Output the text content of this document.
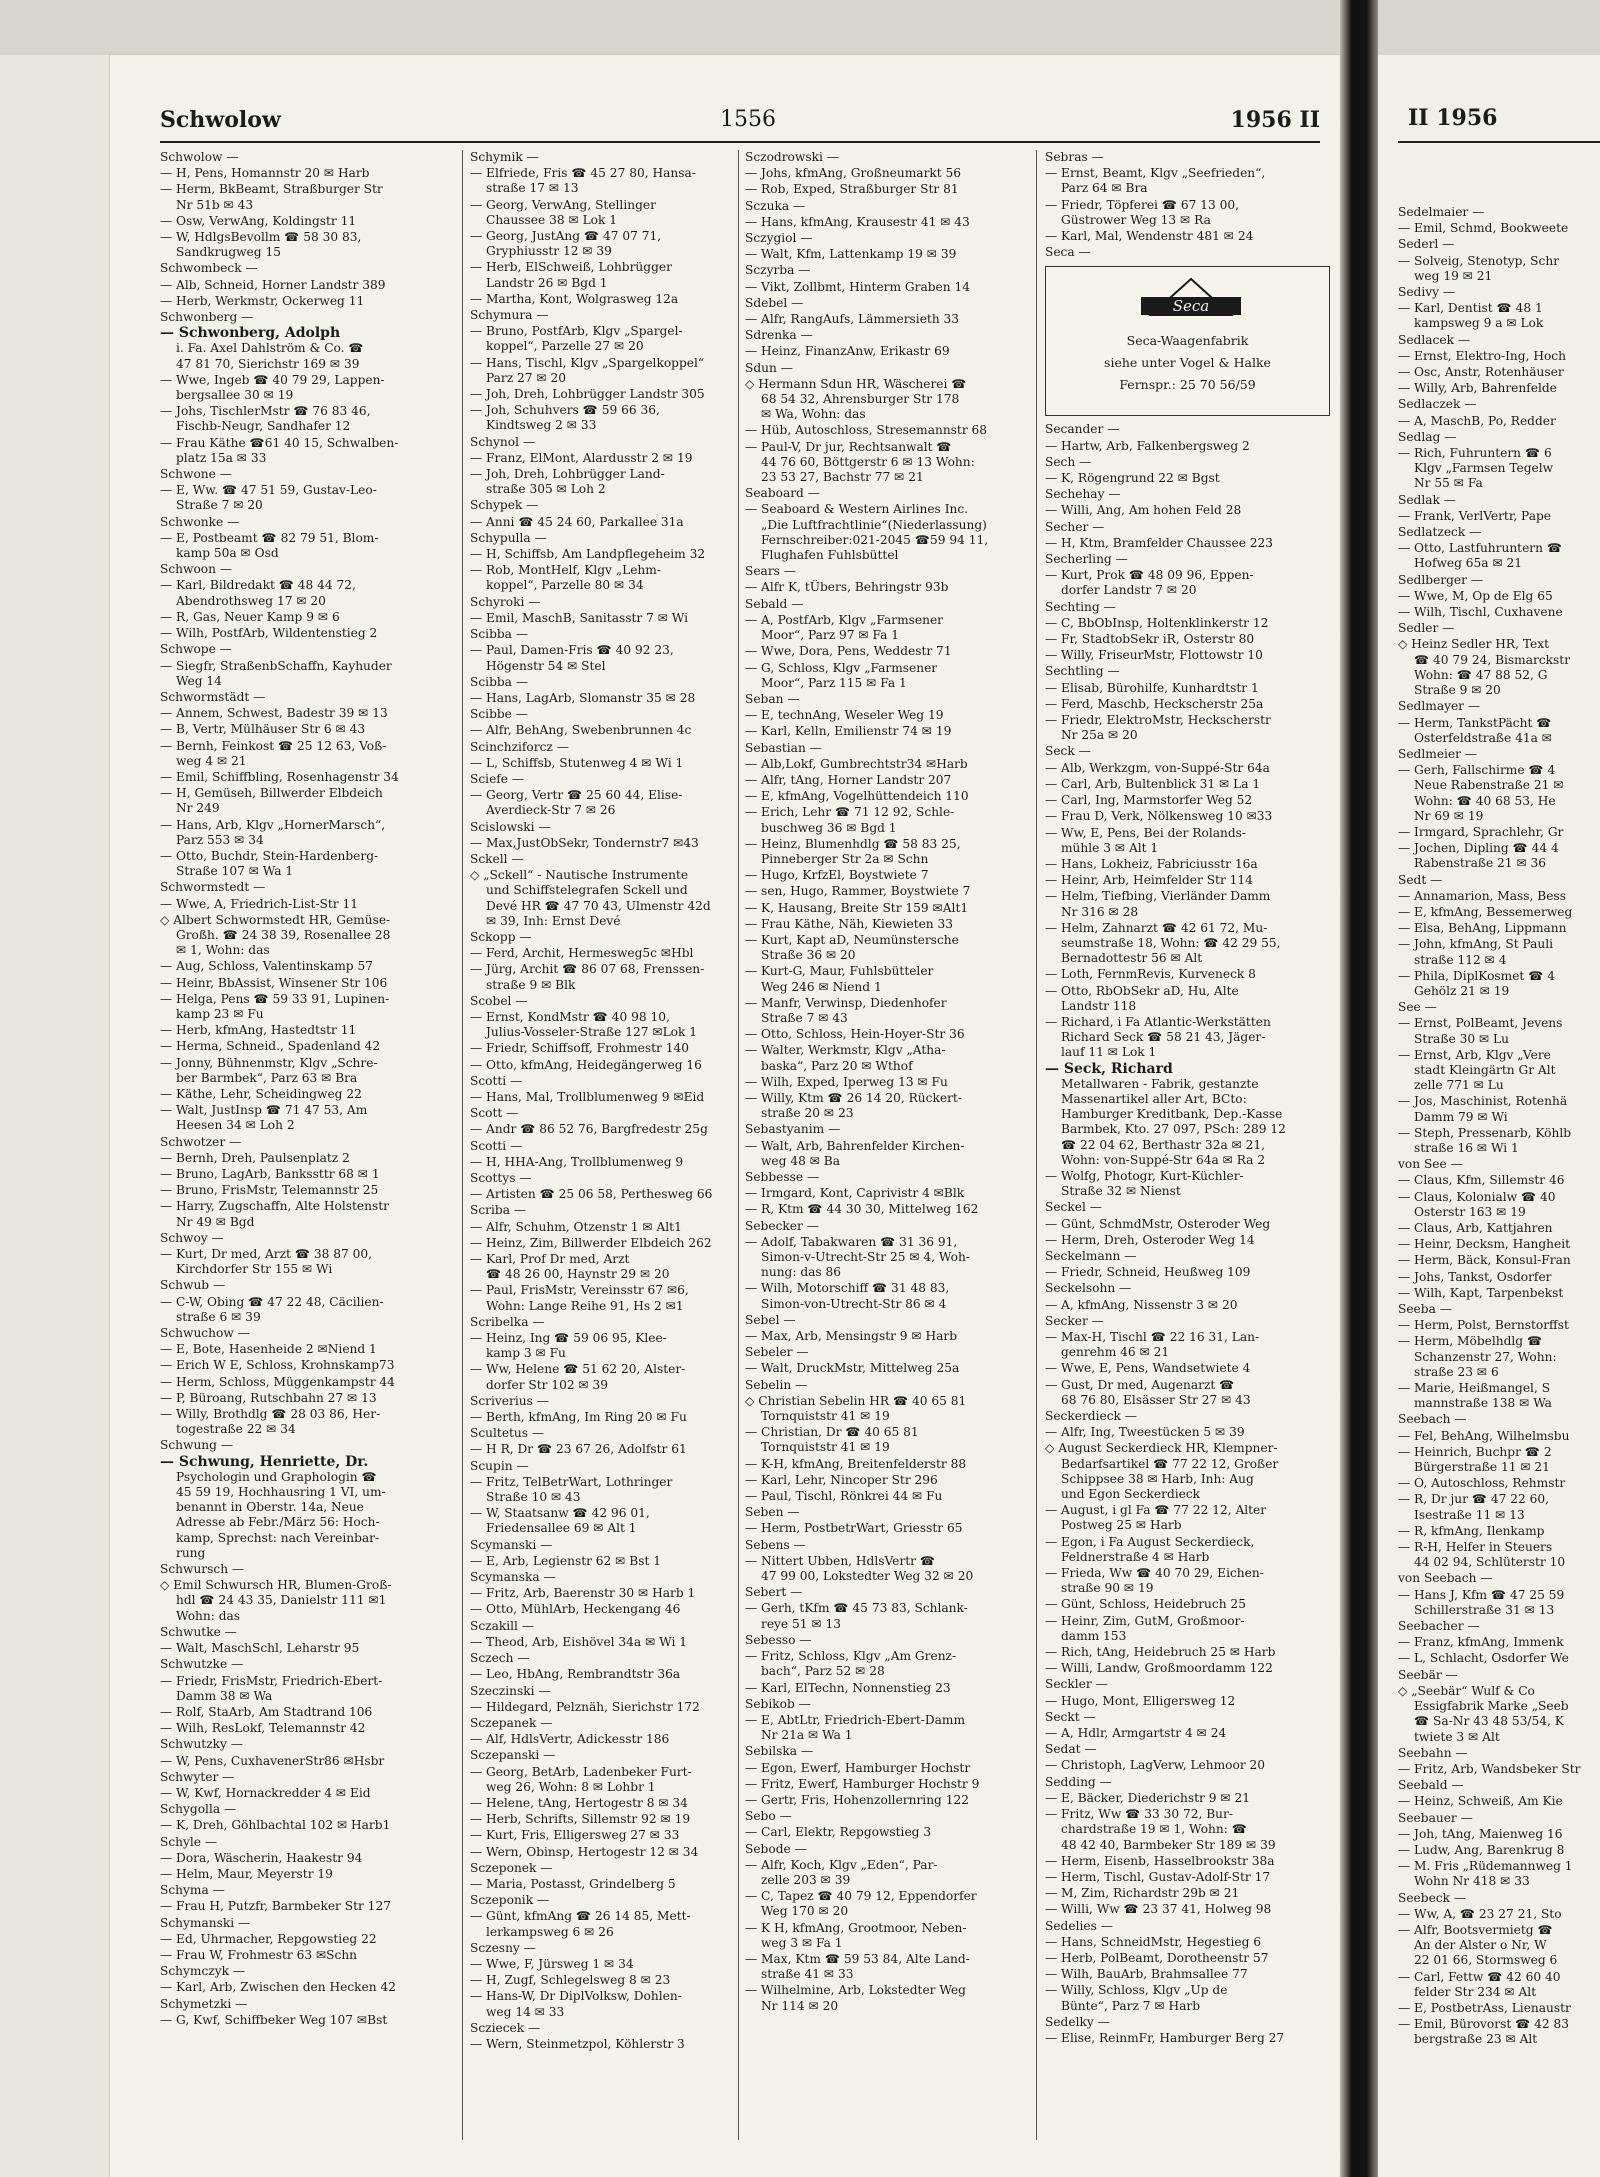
II 1956
Sedelmaier —
— Emil, Schmd, Bookweete
Sederl —
— Solveig, Stenotyp, Schr
weg 19 ✉ 21
Sedivy —
— Karl, Dentist ☎ 48 1
kampsweg 9 a ✉ Lok
Sedlacek —
— Ernst, Elektro-Ing, Hoch
— Osc, Anstr, Rotenhäuser
— Willy, Arb, Bahrenfelde
Sedlaczek —
— A, MaschB, Po, Redder
Sedlag —
— Rich, Fuhruntern ☎ 6
Klgv „Farmsen Tegelw
Nr 55 ✉ Fa
Sedlak —
— Frank, VerlVertr, Pape
Sedlatzeck —
— Otto, Lastfuhruntern ☎
Hofweg 65a ✉ 21
Sedlberger —
— Wwe, M, Op de Elg 65
— Wilh, Tischl, Cuxhavene
Sedler —
◇ Heinz Sedler HR, Text
☎ 40 79 24, Bismarckstr
Wohn: ☎ 47 88 52, G
Straße 9 ✉ 20
Sedlmayer —
— Herm, TankstPächt ☎
Osterfeldstraße 41a ✉
Sedlmeier —
— Gerh, Fallschirme ☎ 4
Neue Rabenstraße 21 ✉
Wohn: ☎ 40 68 53, He
Nr 69 ✉ 19
— Irmgard, Sprachlehr, Gr
— Jochen, Dipling ☎ 44 4
Rabenstraße 21 ✉ 36
Sedt —
— Annamarion, Mass, Bess
— E, kfmAng, Bessemerweg
— Elsa, BehAng, Lippmann
— John, kfmAng, St Pauli
straße 112 ✉ 4
— Phila, DiplKosmet ☎ 4
Gehölz 21 ✉ 19
See —
— Ernst, PolBeamt, Jevens
Straße 30 ✉ Lu
— Ernst, Arb, Klgv „Vere
stadt Kleingärtn Gr Alt
zelle 771 ✉ Lu
— Jos, Maschinist, Rotenhä
Damm 79 ✉ Wi
— Steph, Pressenarb, Köhlb
straße 16 ✉ Wi 1
von See —
— Claus, Kfm, Sillemstr 46
— Claus, Kolonialw ☎ 40
Osterstr 163 ✉ 19
— Claus, Arb, Kattjahren
— Heinr, Decksm, Hangheit
— Herm, Bäck, Konsul-Fran
— Johs, Tankst, Osdorfer
— Wilh, Kapt, Tarpenbekst
Seeba —
— Herm, Polst, Bernstorffst
— Herm, Möbelhdlg ☎
Schanzenstr 27, Wohn:
straße 23 ✉ 6
— Marie, Heißmangel, S
mannstraße 138 ✉ Wa
Seebach —
— Fel, BehAng, Wilhelmsbu
— Heinrich, Buchpr ☎ 2
Bürgerstraße 11 ✉ 21
— O, Autoschloss, Rehmstr
— R, Dr jur ☎ 47 22 60,
Isestraße 11 ✉ 13
— R, kfmAng, Ilenkamp
— R-H, Helfer in Steuers
44 02 94, Schlüterstr 10
von Seebach —
— Hans J, Kfm ☎ 47 25 59
Schillerstraße 31 ✉ 13
Seebacher —
— Franz, kfmAng, Immenk
— L, Schlacht, Osdorfer We
Seebär —
◇ „Seebär“ Wulf & Co
Essigfabrik Marke „Seeb
☎ Sa-Nr 43 48 53/54, K
twiete 3 ✉ Alt
Seebahn —
— Fritz, Arb, Wandsbeker Str
Seebald —
— Heinz, Schweiß, Am Kie
Seebauer —
— Joh, tAng, Maienweg 16
— Ludw, Ang, Barenkrug 8
— M. Fris „Rüdemannweg 1
Wohn Nr 418 ✉ 33
Seebeck —
— Ww, A, ☎ 23 27 21, Sto
— Alfr, Bootsvermietg ☎
An der Alster o Nr, W
22 01 66, Stormsweg 6
— Carl, Fettw ☎ 42 60 40
felder Str 234 ✉ Alt
— E, PostbetrAss, Lienaustr
— Emil, Bürovorst ☎ 42 83
bergstraße 23 ✉ Alt
Schwolow	1556	1956 II
Schwolow —
— H, Pens, Homannstr 20 ✉ Harb
— Herm, BkBeamt, Straßburger Str
Nr 51b ✉ 43
— Osw, VerwAng, Koldingstr 11
— W, HdlgsBevollm ☎ 58 30 83,
Sandkrugweg 15
Schwombeck —
— Alb, Schneid, Horner Landstr 389
— Herb, Werkmstr, Ockerweg 11
Schwonberg —
— Schwonberg, Adolph
i. Fa. Axel Dahlström & Co. ☎
47 81 70, Sierichstr 169 ✉ 39
— Wwe, Ingeb ☎ 40 79 29, Lappen-
bergsallee 30 ✉ 19
— Johs, TischlerMstr ☎ 76 83 46,
Fischb-Neugr, Sandhafer 12
— Frau Käthe ☎61 40 15, Schwalben-
platz 15a ✉ 33
Schwone —
— E, Ww. ☎ 47 51 59, Gustav-Leo-
Straße 7 ✉ 20
Schwonke —
— E, Postbeamt ☎ 82 79 51, Blom-
kamp 50a ✉ Osd
Schwoon —
— Karl, Bildredakt ☎ 48 44 72,
Abendrothsweg 17 ✉ 20
— R, Gas, Neuer Kamp 9 ✉ 6
— Wilh, PostfArb, Wildentenstieg 2
Schwope —
— Siegfr, StraßenbSchaffn, Kayhuder
Weg 14
Schwormstädt —
— Annem, Schwest, Badestr 39 ✉ 13
— B, Vertr, Mülhäuser Str 6 ✉ 43
— Bernh, Feinkost ☎ 25 12 63, Voß-
weg 4 ✉ 21
— Emil, Schiffbling, Rosenhagenstr 34
— H, Gemüseh, Billwerder Elbdeich
Nr 249
— Hans, Arb, Klgv „HornerMarsch“,
Parz 553 ✉ 34
— Otto, Buchdr, Stein-Hardenberg-
Straße 107 ✉ Wa 1
Schwormstedt —
— Wwe, A, Friedrich-List-Str 11
◇ Albert Schwormstedt HR, Gemüse-
Großh. ☎ 24 38 39, Rosenallee 28
✉ 1, Wohn: das
— Aug, Schloss, Valentinskamp 57
— Heinr, BbAssist, Winsener Str 106
— Helga, Pens ☎ 59 33 91, Lupinen-
kamp 23 ✉ Fu
— Herb, kfmAng, Hastedtstr 11
— Herma, Schneid., Spadenland 42
— Jonny, Bühnenmstr, Klgv „Schre-
ber Barmbek“, Parz 63 ✉ Bra
— Käthe, Lehr, Scheidingweg 22
— Walt, JustInsp ☎ 71 47 53, Am
Heesen 34 ✉ Loh 2
Schwotzer —
— Bernh, Dreh, Paulsenplatz 2
— Bruno, LagArb, Bankssttr 68 ✉ 1
— Bruno, FrisMstr, Telemannstr 25
— Harry, Zugschaffn, Alte Holstenstr
Nr 49 ✉ Bgd
Schwoy —
— Kurt, Dr med, Arzt ☎ 38 87 00,
Kirchdorfer Str 155 ✉ Wi
Schwub —
— C-W, Obing ☎ 47 22 48, Cäcilien-
straße 6 ✉ 39
Schwuchow —
— E, Bote, Hasenheide 2 ✉Niend 1
— Erich W E, Schloss, Krohnskamp73
— Herm, Schloss, Müggenkampstr 44
— P, Büroang, Rutschbahn 27 ✉ 13
— Willy, Brothdlg ☎ 28 03 86, Her-
togestraße 22 ✉ 34
Schwung —
— Schwung, Henriette, Dr.
Psychologin und Graphologin ☎
45 59 19, Hochhausring 1 VI, um-
benannt in Oberstr. 14a, Neue
Adresse ab Febr./März 56: Hoch-
kamp, Sprechst: nach Vereinbar-
rung
Schwursch —
◇ Emil Schwursch HR, Blumen-Groß-
hdl ☎ 24 43 35, Danielstr 111 ✉1
Wohn: das
Schwutke —
— Walt, MaschSchl, Leharstr 95
Schwutzke —
— Friedr, FrisMstr, Friedrich-Ebert-
Damm 38 ✉ Wa
— Rolf, StaArb, Am Stadtrand 106
— Wilh, ResLokf, Telemannstr 42
Schwutzky —
— W, Pens, CuxhavenerStr86 ✉Hsbr
Schwyter —
— W, Kwf, Hornackredder 4 ✉ Eid
Schygolla —
— K, Dreh, Göhlbachtal 102 ✉ Harb1
Schyle —
— Dora, Wäscherin, Haakestr 94
— Helm, Maur, Meyerstr 19
Schyma —
— Frau H, Putzfr, Barmbeker Str 127
Schymanski —
— Ed, Uhrmacher, Repgowstieg 22
— Frau W, Frohmestr 63 ✉Schn
Schymczyk —
— Karl, Arb, Zwischen den Hecken 42
Schymetzki —
— G, Kwf, Schiffbeker Weg 107 ✉Bst
Schymik —
— Elfriede, Fris ☎ 45 27 80, Hansa-
straße 17 ✉ 13
— Georg, VerwAng, Stellinger
Chaussee 38 ✉ Lok 1
— Georg, JustAng ☎ 47 07 71,
Gryphiusstr 12 ✉ 39
— Herb, ElSchweiß, Lohbrügger
Landstr 26 ✉ Bgd 1
— Martha, Kont, Wolgrasweg 12a
Schymura —
— Bruno, PostfArb, Klgv „Spargel-
koppel“, Parzelle 27 ✉ 20
— Hans, Tischl, Klgv „Spargelkoppel“
Parz 27 ✉ 20
— Joh, Dreh, Lohbrügger Landstr 305
— Joh, Schuhvers ☎ 59 66 36,
Kindtsweg 2 ✉ 33
Schynol —
— Franz, ElMont, Alardusstr 2 ✉ 19
— Joh, Dreh, Lohbrügger Land-
straße 305 ✉ Loh 2
Schypek —
— Anni ☎ 45 24 60, Parkallee 31a
Schypulla —
— H, Schiffsb, Am Landpflegeheim 32
— Rob, MontHelf, Klgv „Lehm-
koppel“, Parzelle 80 ✉ 34
Schyroki —
— Emil, MaschB, Sanitasstr 7 ✉ Wi
Scibba —
— Paul, Damen-Fris ☎ 40 92 23,
Högenstr 54 ✉ Stel
Scibba —
— Hans, LagArb, Slomanstr 35 ✉ 28
Scibbe —
— Alfr, BehAng, Swebenbrunnen 4c
Scinchziforcz —
— L, Schiffsb, Stutenweg 4 ✉ Wi 1
Sciefe —
— Georg, Vertr ☎ 25 60 44, Elise-
Averdieck-Str 7 ✉ 26
Scislowski —
— Max,JustObSekr, Tondernstr7 ✉43
Sckell —
◇ „Sckell“ - Nautische Instrumente
und Schiffstelegrafen Sckell und
Devé HR ☎ 47 70 43, Ulmenstr 42d
✉ 39, Inh: Ernst Devé
Sckopp —
— Ferd, Archit, Hermesweg5c ✉Hbl
— Jürg, Archit ☎ 86 07 68, Frenssen-
straße 9 ✉ Blk
Scobel —
— Ernst, KondMstr ☎ 40 98 10,
Julius-Vosseler-Straße 127 ✉Lok 1
— Friedr, Schiffsoff, Frohmestr 140
— Otto, kfmAng, Heidegängerweg 16
Scotti —
— Hans, Mal, Trollblumenweg 9 ✉Eid
Scott —
— Andr ☎ 86 52 76, Bargfredestr 25g
Scotti —
— H, HHA-Ang, Trollblumenweg 9
Scottys —
— Artisten ☎ 25 06 58, Perthesweg 66
Scriba —
— Alfr, Schuhm, Otzenstr 1 ✉ Alt1
— Heinz, Zim, Billwerder Elbdeich 262
— Karl, Prof Dr med, Arzt
☎ 48 26 00, Haynstr 29 ✉ 20
— Paul, FrisMstr, Vereinsstr 67 ✉6,
Wohn: Lange Reihe 91, Hs 2 ✉1
Scribelka —
— Heinz, Ing ☎ 59 06 95, Klee-
kamp 3 ✉ Fu
— Ww, Helene ☎ 51 62 20, Alster-
dorfer Str 102 ✉ 39
Scriverius —
— Berth, kfmAng, Im Ring 20 ✉ Fu
Scultetus —
— H R, Dr ☎ 23 67 26, Adolfstr 61
Scupin —
— Fritz, TelBetrWart, Lothringer
Straße 10 ✉ 43
— W, Staatsanw ☎ 42 96 01,
Friedensallee 69 ✉ Alt 1
Scymanski —
— E, Arb, Legienstr 62 ✉ Bst 1
Scymanska —
— Fritz, Arb, Baerenstr 30 ✉ Harb 1
— Otto, MühlArb, Heckengang 46
Sczakill —
— Theod, Arb, Eishövel 34a ✉ Wi 1
Sczech —
— Leo, HbAng, Rembrandtstr 36a
Szeczinski —
— Hildegard, Pelznäh, Sierichstr 172
Sczepanek —
— Alf, HdlsVertr, Adickesstr 186
Sczepanski —
— Georg, BetArb, Ladenbeker Furt-
weg 26, Wohn: 8 ✉ Lohbr 1
— Helene, tAng, Hertogestr 8 ✉ 34
— Herb, Schrifts, Sillemstr 92 ✉ 19
— Kurt, Fris, Elligersweg 27 ✉ 33
— Wern, Obinsp, Hertogestr 12 ✉ 34
Sczeponek —
— Maria, Postasst, Grindelberg 5
Sczeponik —
— Günt, kfmAng ☎ 26 14 85, Mett-
lerkampsweg 6 ✉ 26
Sczesny —
— Wwe, F, Jürsweg 1 ✉ 34
— H, Zugf, Schlegelsweg 8 ✉ 23
— Hans-W, Dr DiplVolksw, Dohlen-
weg 14 ✉ 33
Scziecek —
— Wern, Steinmetzpol, Köhlerstr 3
Sczodrowski —
— Johs, kfmAng, Großneumarkt 56
— Rob, Exped, Straßburger Str 81
Sczuka —
— Hans, kfmAng, Krausestr 41 ✉ 43
Sczygiol —
— Walt, Kfm, Lattenkamp 19 ✉ 39
Sczyrba —
— Vikt, Zollbmt, Hinterm Graben 14
Sdebel —
— Alfr, RangAufs, Lämmersieth 33
Sdrenka —
— Heinz, FinanzAnw, Erikastr 69
Sdun —
◇ Hermann Sdun HR, Wäscherei ☎
68 54 32, Ahrensburger Str 178
✉ Wa, Wohn: das
— Hüb, Autoschloss, Stresemannstr 68
— Paul-V, Dr jur, Rechtsanwalt ☎
44 76 60, Böttgerstr 6 ✉ 13 Wohn:
23 53 27, Bachstr 77 ✉ 21
Seaboard —
— Seaboard & Western Airlines Inc.
„Die Luftfrachtlinie“(Niederlassung)
Fernschreiber:021-2045 ☎59 94 11,
Flughafen Fuhlsbüttel
Sears —
— Alfr K, tÜbers, Behringstr 93b
Sebald —
— A, PostfArb, Klgv „Farmsener
Moor“, Parz 97 ✉ Fa 1
— Wwe, Dora, Pens, Weddestr 71
— G, Schloss, Klgv „Farmsener
Moor“, Parz 115 ✉ Fa 1
Seban —
— E, technAng, Weseler Weg 19
— Karl, Kelln, Emilienstr 74 ✉ 19
Sebastian —
— Alb,Lokf, Gumbrechtstr34 ✉Harb
— Alfr, tAng, Horner Landstr 207
— E, kfmAng, Vogelhüttendeich 110
— Erich, Lehr ☎ 71 12 92, Schle-
buschweg 36 ✉ Bgd 1
— Heinz, Blumenhdlg ☎ 58 83 25,
Pinneberger Str 2a ✉ Schn
— Hugo, KrfzEl, Boystwiete 7
— sen, Hugo, Rammer, Boystwiete 7
— K, Hausang, Breite Str 159 ✉Alt1
— Frau Käthe, Näh, Kiewieten 33
— Kurt, Kapt aD, Neumünstersche
Straße 36 ✉ 20
— Kurt-G, Maur, Fuhlsbütteler
Weg 246 ✉ Niend 1
— Manfr, Verwinsp, Diedenhofer
Straße 7 ✉ 43
— Otto, Schloss, Hein-Hoyer-Str 36
— Walter, Werkmstr, Klgv „Atha-
baska“, Parz 20 ✉ Wthof
— Wilh, Exped, Iperweg 13 ✉ Fu
— Willy, Ktm ☎ 26 14 20, Rückert-
straße 20 ✉ 23
Sebastyanim —
— Walt, Arb, Bahrenfelder Kirchen-
weg 48 ✉ Ba
Sebbesse —
— Irmgard, Kont, Caprivistr 4 ✉Blk
— R, Ktm ☎ 44 30 30, Mittelweg 162
Sebecker —
— Adolf, Tabakwaren ☎ 31 36 91,
Simon-v-Utrecht-Str 25 ✉ 4, Woh-
nung: das 86
— Wilh, Motorschiff ☎ 31 48 83,
Simon-von-Utrecht-Str 86 ✉ 4
Sebel —
— Max, Arb, Mensingstr 9 ✉ Harb
Sebeler —
— Walt, DruckMstr, Mittelweg 25a
Sebelin —
◇ Christian Sebelin HR ☎ 40 65 81
Tornquiststr 41 ✉ 19
— Christian, Dr ☎ 40 65 81
Tornquiststr 41 ✉ 19
— K-H, kfmAng, Breitenfelderstr 88
— Karl, Lehr, Nincoper Str 296
— Paul, Tischl, Rönkrei 44 ✉ Fu
Seben —
— Herm, PostbetrWart, Griesstr 65
Sebens —
— Nittert Ubben, HdlsVertr ☎
47 99 00, Lokstedter Weg 32 ✉ 20
Sebert —
— Gerh, tKfm ☎ 45 73 83, Schlank-
reye 51 ✉ 13
Sebesso —
— Fritz, Schloss, Klgv „Am Grenz-
bach“, Parz 52 ✉ 28
— Karl, ElTechn, Nonnenstieg 23
Sebikob —
— E, AbtLtr, Friedrich-Ebert-Damm
Nr 21a ✉ Wa 1
Sebilska —
— Egon, Ewerf, Hamburger Hochstr
— Fritz, Ewerf, Hamburger Hochstr 9
— Gertr, Fris, Hohenzollernring 122
Sebo —
— Carl, Elektr, Repgowstieg 3
Sebode —
— Alfr, Koch, Klgv „Eden“, Par-
zelle 203 ✉ 39
— C, Tapez ☎ 40 79 12, Eppendorfer
Weg 170 ✉ 20
— K H, kfmAng, Grootmoor, Neben-
weg 3 ✉ Fa 1
— Max, Ktm ☎ 59 53 84, Alte Land-
straße 41 ✉ 33
— Wilhelmine, Arb, Lokstedter Weg
Nr 114 ✉ 20
Sebras —
— Ernst, Beamt, Klgv „Seefrieden“,
Parz 64 ✉ Bra
— Friedr, Töpferei ☎ 67 13 00,
Güstrower Weg 13 ✉ Ra
— Karl, Mal, Wendenstr 481 ✉ 24
Seca —
Seca
Seca-Waagenfabrik
siehe unter Vogel & Halke
Fernspr.: 25 70 56/59
Secander —
— Hartw, Arb, Falkenbergsweg 2
Sech —
— K, Rögengrund 22 ✉ Bgst
Sechehay —
— Willi, Ang, Am hohen Feld 28
Secher —
— H, Ktm, Bramfelder Chaussee 223
Secherling —
— Kurt, Prok ☎ 48 09 96, Eppen-
dorfer Landstr 7 ✉ 20
Sechting —
— C, BbObInsp, Holtenklinkerstr 12
— Fr, StadtobSekr iR, Osterstr 80
— Willy, FriseurMstr, Flottowstr 10
Sechtling —
— Elisab, Bürohilfe, Kunhardtstr 1
— Ferd, Maschb, Heckscherstr 25a
— Friedr, ElektroMstr, Heckscherstr
Nr 25a ✉ 20
Seck —
— Alb, Werkzgm, von-Suppé-Str 64a
— Carl, Arb, Bultenblick 31 ✉ La 1
— Carl, Ing, Marmstorfer Weg 52
— Frau D, Verk, Nölkensweg 10 ✉33
— Ww, E, Pens, Bei der Rolands-
mühle 3 ✉ Alt 1
— Hans, Lokheiz, Fabriciusstr 16a
— Heinr, Arb, Heimfelder Str 114
— Helm, Tiefbing, Vierländer Damm
Nr 316 ✉ 28
— Helm, Zahnarzt ☎ 42 61 72, Mu-
seumstraße 18, Wohn: ☎ 42 29 55,
Bernadottestr 56 ✉ Alt
— Loth, FernmRevis, Kurveneck 8
— Otto, RbObSekr aD, Hu, Alte
Landstr 118
— Richard, i Fa Atlantic-Werkstätten
Richard Seck ☎ 58 21 43, Jäger-
lauf 11 ✉ Lok 1
— Seck, Richard
Metallwaren - Fabrik, gestanzte
Massenartikel aller Art, BCto:
Hamburger Kreditbank, Dep.-Kasse
Barmbek, Kto. 27 097, PSch: 289 12
☎ 22 04 62, Berthastr 32a ✉ 21,
Wohn: von-Suppé-Str 64a ✉ Ra 2
— Wolfg, Photogr, Kurt-Küchler-
Straße 32 ✉ Nienst
Seckel —
— Günt, SchmdMstr, Osteroder Weg
— Herm, Dreh, Osteroder Weg 14
Seckelmann —
— Friedr, Schneid, Heußweg 109
Seckelsohn —
— A, kfmAng, Nissenstr 3 ✉ 20
Secker —
— Max-H, Tischl ☎ 22 16 31, Lan-
genrehm 46 ✉ 21
— Wwe, E, Pens, Wandsetwiete 4
— Gust, Dr med, Augenarzt ☎
68 76 80, Elsässer Str 27 ✉ 43
Seckerdieck —
— Alfr, Ing, Tweestücken 5 ✉ 39
◇ August Seckerdieck HR, Klempner-
Bedarfsartikel ☎ 77 22 12, Großer
Schippsee 38 ✉ Harb, Inh: Aug
und Egon Seckerdieck
— August, i gl Fa ☎ 77 22 12, Alter
Postweg 25 ✉ Harb
— Egon, i Fa August Seckerdieck,
Feldnerstraße 4 ✉ Harb
— Frieda, Ww ☎ 40 70 29, Eichen-
straße 90 ✉ 19
— Günt, Schloss, Heidebruch 25
— Heinr, Zim, GutM, Großmoor-
damm 153
— Rich, tAng, Heidebruch 25 ✉ Harb
— Willi, Landw, Großmoordamm 122
Seckler —
— Hugo, Mont, Elligersweg 12
Seckt —
— A, Hdlr, Armgartstr 4 ✉ 24
Sedat —
— Christoph, LagVerw, Lehmoor 20
Sedding —
— E, Bäcker, Diederichstr 9 ✉ 21
— Fritz, Ww ☎ 33 30 72, Bur-
chardstraße 19 ✉ 1, Wohn: ☎
48 42 40, Barmbeker Str 189 ✉ 39
— Herm, Eisenb, Hasselbrookstr 38a
— Herm, Tischl, Gustav-Adolf-Str 17
— M, Zim, Richardstr 29b ✉ 21
— Willi, Ww ☎ 23 37 41, Holweg 98
Sedelies —
— Hans, SchneidMstr, Hegestieg 6
— Herb, PolBeamt, Dorotheenstr 57
— Wilh, BauArb, Brahmsallee 77
— Willy, Schloss, Klgv „Up de
Bünte“, Parz 7 ✉ Harb
Sedelky —
— Elise, ReinmFr, Hamburger Berg 27
